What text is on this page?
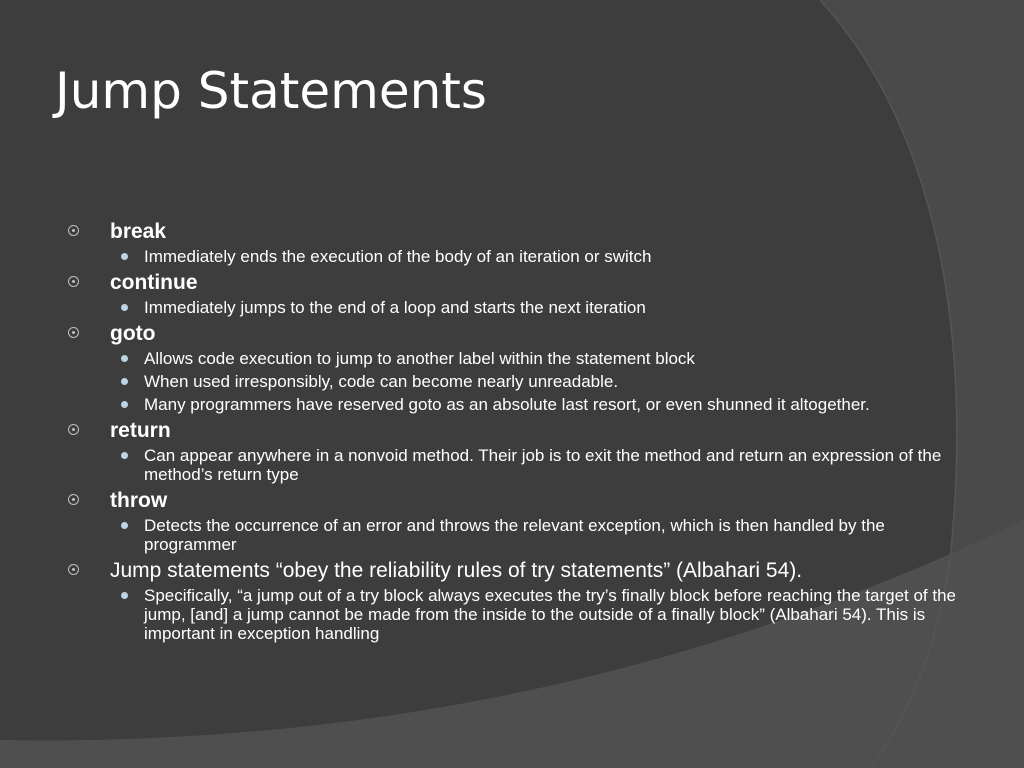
Jump Statements
break
Immediately ends the execution of the body of an iteration or switch
continue
Immediately jumps to the end of a loop and starts the next iteration
goto
Allows code execution to jump to another label within the statement block
When used irresponsibly, code can become nearly unreadable.
Many programmers have reserved goto as an absolute last resort, or even shunned it altogether.
return
Can appear anywhere in a nonvoid method. Their job is to exit the method and return an expression of the method’s return type
throw
Detects the occurrence of an error and throws the relevant exception, which is then handled by the programmer
Jump statements “obey the reliability rules of try statements” (Albahari 54).
Specifically, “a jump out of a try block always executes the try’s finally block before reaching the target of the jump, [and] a jump cannot be made from the inside to the outside of a finally block” (Albahari 54). This is important in exception handling
